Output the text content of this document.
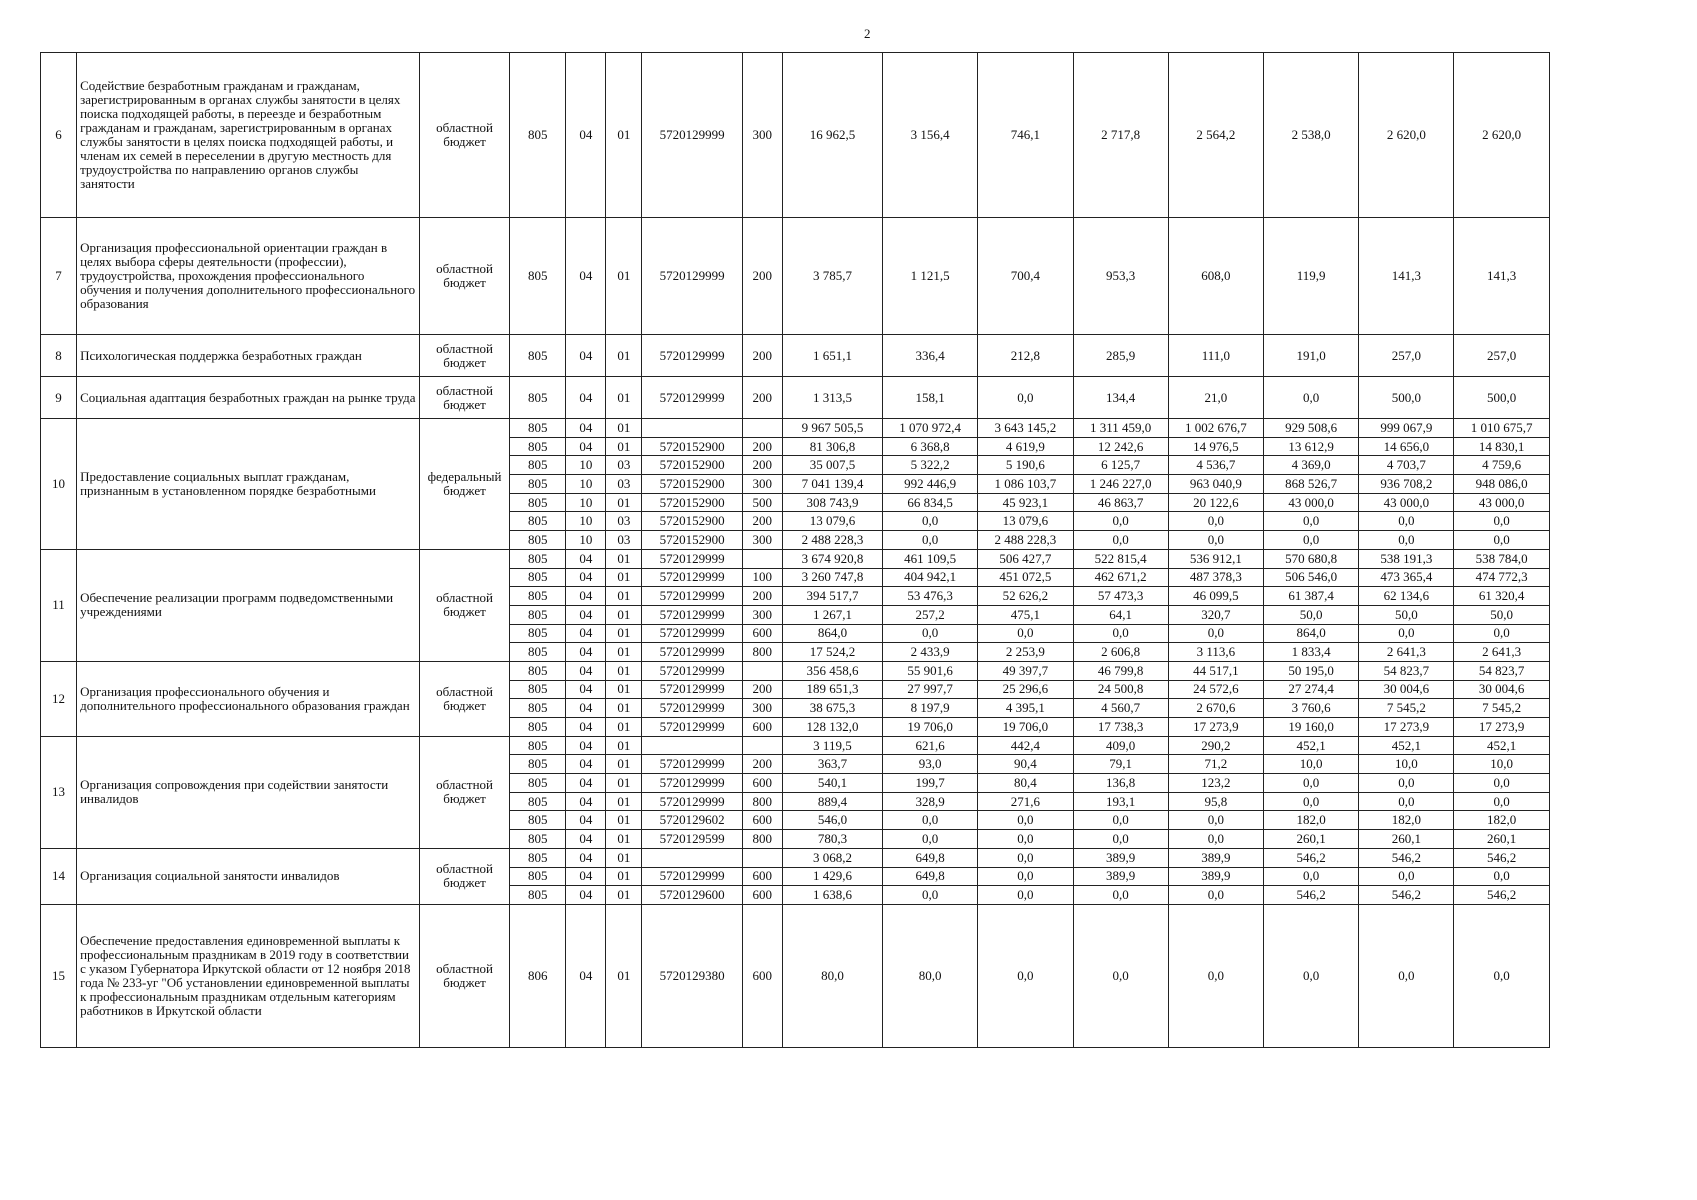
2
6	Содействие безработным гражданам и гражданам, зарегистрированным в органах службы занятости в целях поиска подходящей работы, в переезде и безработным гражданам и гражданам, зарегистрированным в органах службы занятости в целях поиска подходящей работы, и членам их семей в переселении в другую местность для трудоустройства по направлению органов службы занятости	областной бюджет	805	04	01	5720129999	300	16 962,5	3 156,4	746,1	2 717,8	2 564,2	2 538,0	2 620,0	2 620,0
7	Организация профессиональной ориентации граждан в целях выбора сферы деятельности (профессии), трудоустройства, прохождения профессионального обучения и получения дополнительного профессионального образования	областной бюджет	805	04	01	5720129999	200	3 785,7	1 121,5	700,4	953,3	608,0	119,9	141,3	141,3
8	Психологическая поддержка безработных граждан	областной бюджет	805	04	01	5720129999	200	1 651,1	336,4	212,8	285,9	111,0	191,0	257,0	257,0
9	Социальная адаптация безработных граждан на рынке труда	областной бюджет	805	04	01	5720129999	200	1 313,5	158,1	0,0	134,4	21,0	0,0	500,0	500,0
10	Предоставление социальных выплат гражданам, признанным в установленном порядке безработными	федеральный бюджет	805	04	01			9 967 505,5	1 070 972,4	3 643 145,2	1 311 459,0	1 002 676,7	929 508,6	999 067,9	1 010 675,7
			805	04	01	5720152900	200	81 306,8	6 368,8	4 619,9	12 242,6	14 976,5	13 612,9	14 656,0	14 830,1
			805	10	03	5720152900	200	35 007,5	5 322,2	5 190,6	6 125,7	4 536,7	4 369,0	4 703,7	4 759,6
			805	10	03	5720152900	300	7 041 139,4	992 446,9	1 086 103,7	1 246 227,0	963 040,9	868 526,7	936 708,2	948 086,0
			805	10	01	5720152900	500	308 743,9	66 834,5	45 923,1	46 863,7	20 122,6	43 000,0	43 000,0	43 000,0
			805	10	03	5720152900	200	13 079,6	0,0	13 079,6	0,0	0,0	0,0	0,0	0,0
			805	10	03	5720152900	300	2 488 228,3	0,0	2 488 228,3	0,0	0,0	0,0	0,0	0,0
11	Обеспечение реализации программ подведомственными учреждениями	областной бюджет	805	04	01	5720129999		3 674 920,8	461 109,5	506 427,7	522 815,4	536 912,1	570 680,8	538 191,3	538 784,0
			805	04	01	5720129999	100	3 260 747,8	404 942,1	451 072,5	462 671,2	487 378,3	506 546,0	473 365,4	474 772,3
			805	04	01	5720129999	200	394 517,7	53 476,3	52 626,2	57 473,3	46 099,5	61 387,4	62 134,6	61 320,4
			805	04	01	5720129999	300	1 267,1	257,2	475,1	64,1	320,7	50,0	50,0	50,0
			805	04	01	5720129999	600	864,0	0,0	0,0	0,0	0,0	864,0	0,0	0,0
			805	04	01	5720129999	800	17 524,2	2 433,9	2 253,9	2 606,8	3 113,6	1 833,4	2 641,3	2 641,3
12	Организация профессионального обучения и дополнительного профессионального образования граждан	областной бюджет	805	04	01	5720129999		356 458,6	55 901,6	49 397,7	46 799,8	44 517,1	50 195,0	54 823,7	54 823,7
			805	04	01	5720129999	200	189 651,3	27 997,7	25 296,6	24 500,8	24 572,6	27 274,4	30 004,6	30 004,6
			805	04	01	5720129999	300	38 675,3	8 197,9	4 395,1	4 560,7	2 670,6	3 760,6	7 545,2	7 545,2
			805	04	01	5720129999	600	128 132,0	19 706,0	19 706,0	17 738,3	17 273,9	19 160,0	17 273,9	17 273,9
13	Организация сопровождения при содействии занятости инвалидов	областной бюджет	805	04	01			3 119,5	621,6	442,4	409,0	290,2	452,1	452,1	452,1
			805	04	01	5720129999	200	363,7	93,0	90,4	79,1	71,2	10,0	10,0	10,0
			805	04	01	5720129999	600	540,1	199,7	80,4	136,8	123,2	0,0	0,0	0,0
			805	04	01	5720129999	800	889,4	328,9	271,6	193,1	95,8	0,0	0,0	0,0
			805	04	01	5720129602	600	546,0	0,0	0,0	0,0	0,0	182,0	182,0	182,0
			805	04	01	5720129599	800	780,3	0,0	0,0	0,0	0,0	260,1	260,1	260,1
14	Организация социальной занятости инвалидов	областной бюджет	805	04	01			3 068,2	649,8	0,0	389,9	389,9	546,2	546,2	546,2
			805	04	01	5720129999	600	1 429,6	649,8	0,0	389,9	389,9	0,0	0,0	0,0
			805	04	01	5720129600	600	1 638,6	0,0	0,0	0,0	0,0	546,2	546,2	546,2
15	Обеспечение предоставления единовременной выплаты к профессиональным праздникам в 2019 году в соответствии с указом Губернатора Иркутской области от 12 ноября 2018 года № 233-уг "Об установлении единовременной выплаты к профессиональным праздникам отдельным категориям работников в Иркутской области	областной бюджет	806	04	01	5720129380	600	80,0	80,0	0,0	0,0	0,0	0,0	0,0	0,0
